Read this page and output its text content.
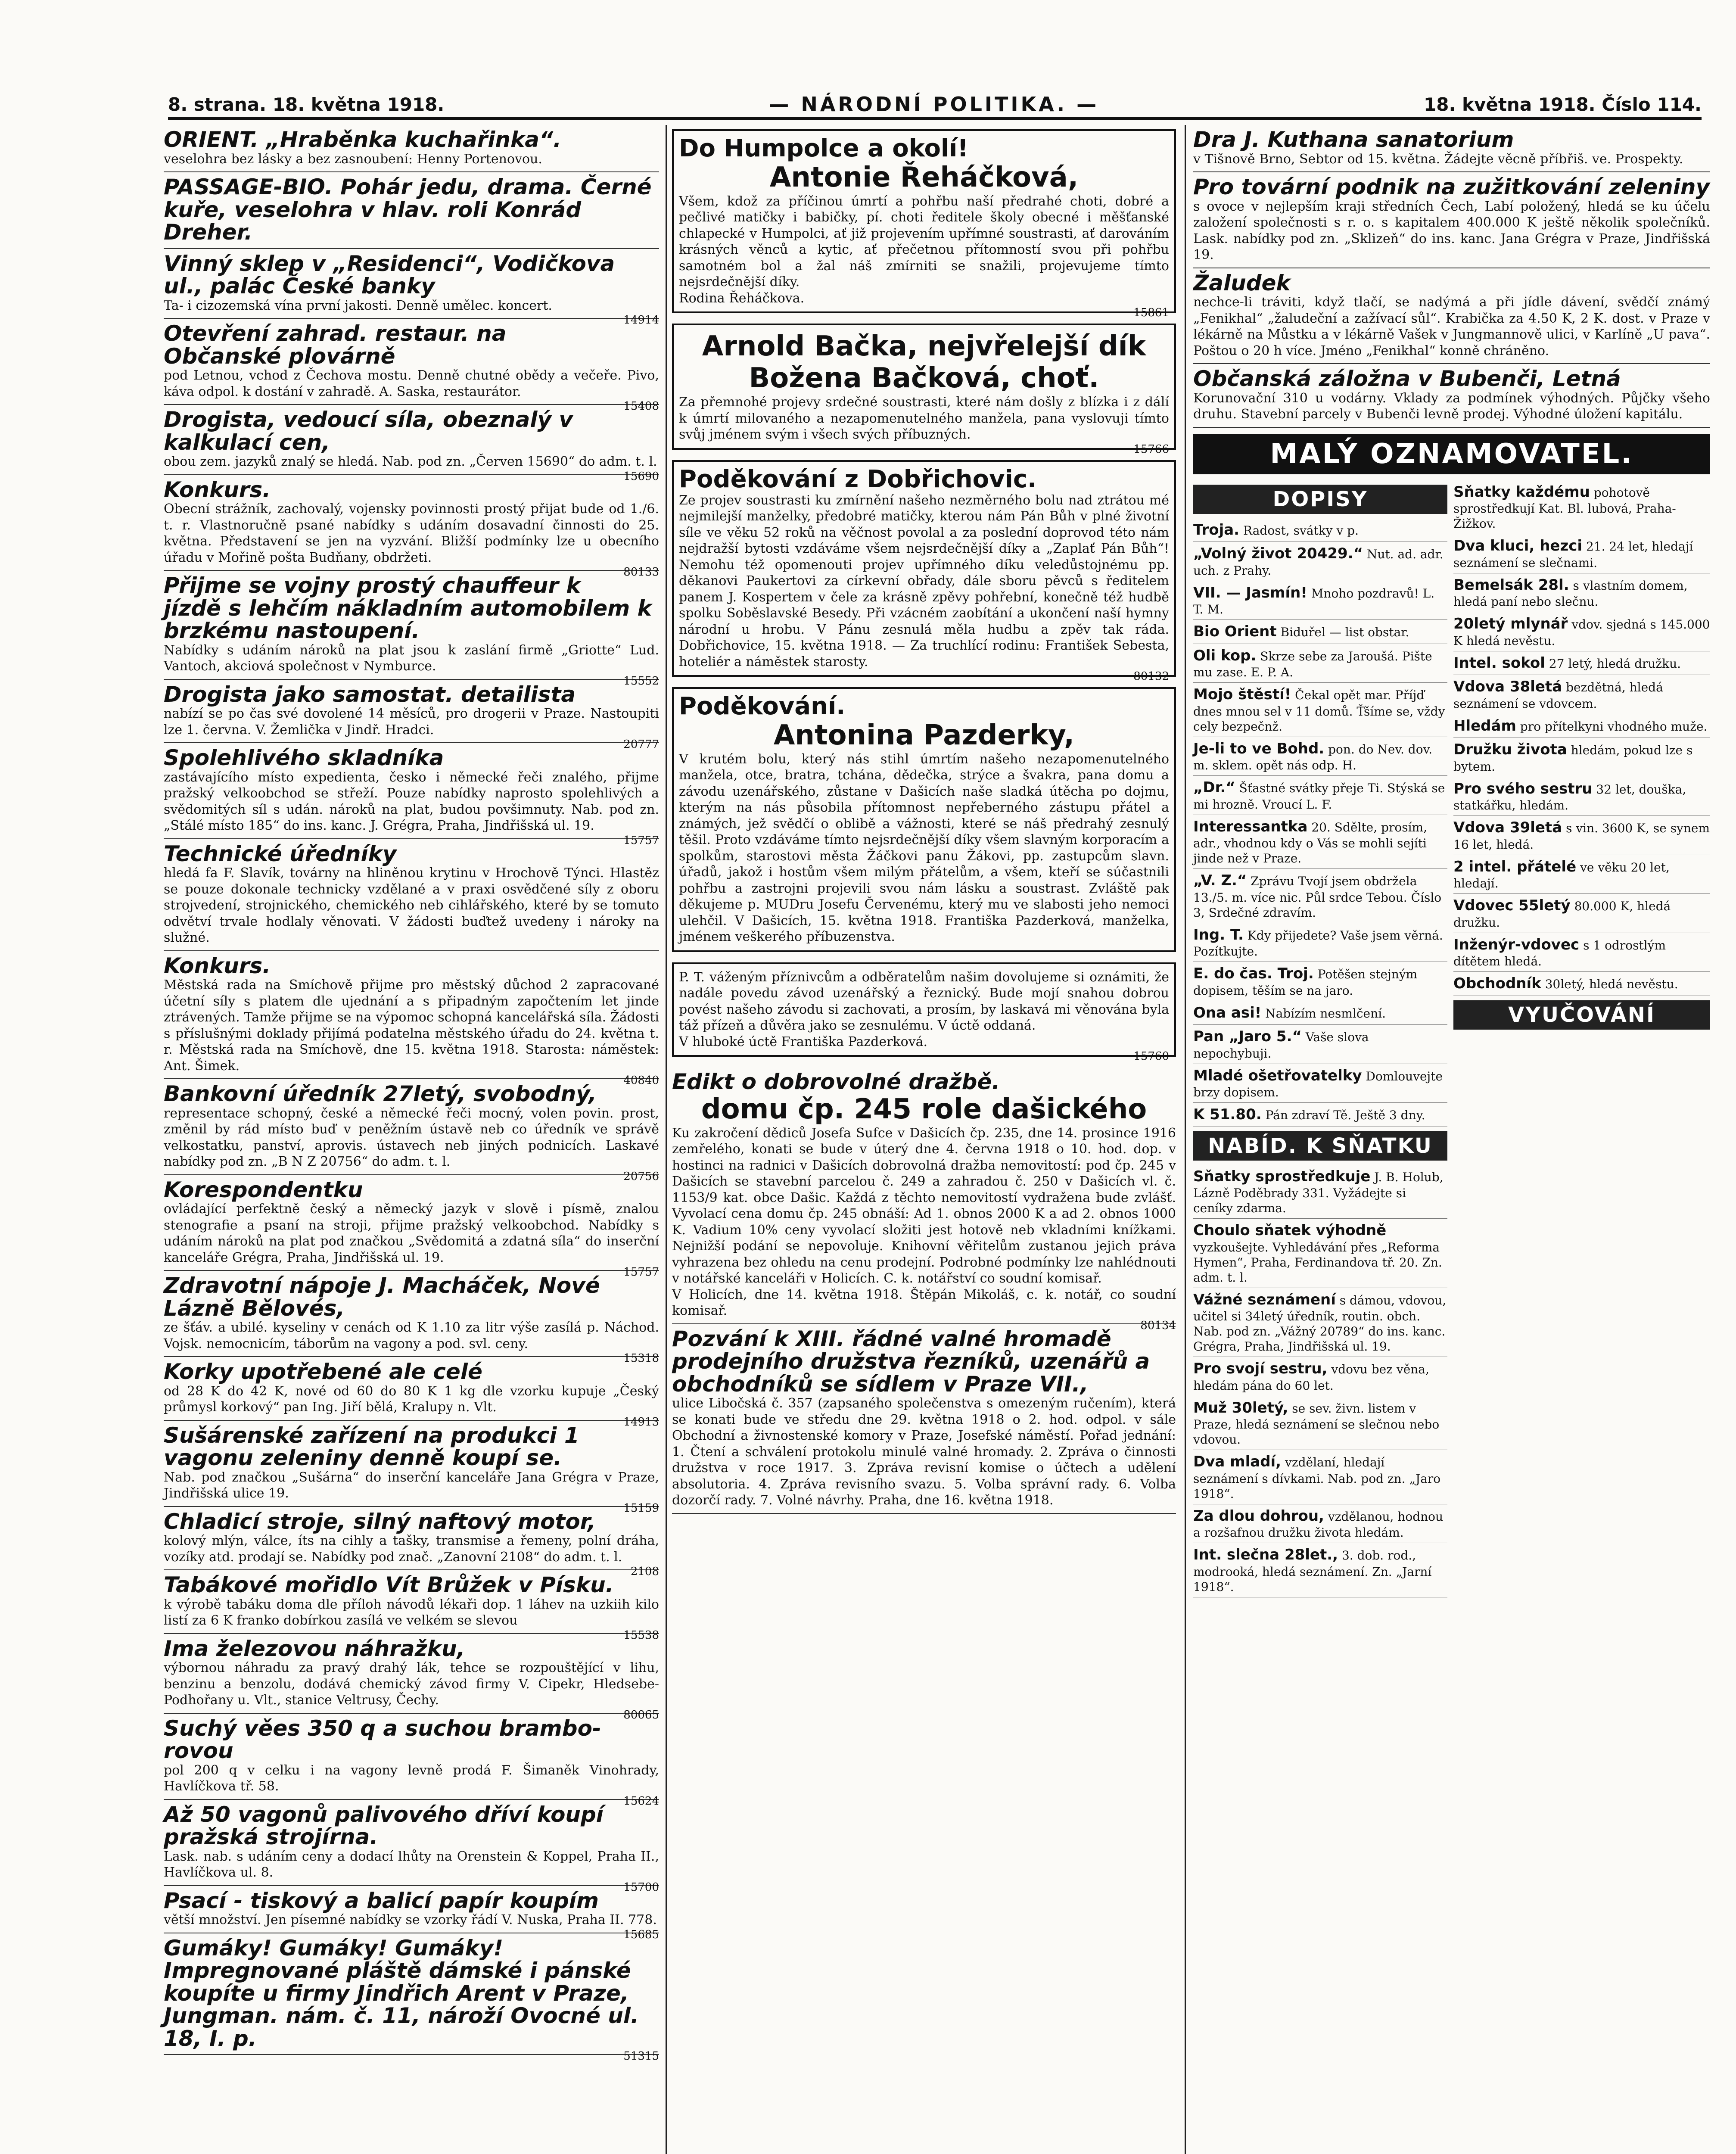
8. strana. 18. května 1918.	— NÁRODNÍ POLITIKA. —	18. května 1918. Číslo 114.
ORIENT. „Hraběnka kuchařinka“.
veselohra bez lásky a bez zasnoubení: Henny Portenovou.
PASSAGE-BIO. Pohár jedu, drama. Černé kuře, veselohra v hlav. roli Konrád Dreher.
Vinný sklep v „Residenci“, Vodičkova ul., palác České banky
Ta- i cizozemská vína první jakosti. Denně umělec. koncert.
14914
Otevření zahrad. restaur. na Občanské plovárně
pod Letnou, vchod z Čechova mostu. Denně chutné obědy a večeře. Pivo, káva odpol. k dostání v zahradě. A. Saska, restaurátor.
15408
Drogista, vedoucí síla, obeznalý v kalkulací cen,
obou zem. jazyků znalý se hledá. Nab. pod zn. „Červen 15690“ do adm. t. l.
15690
Konkurs.
Obecní strážník, zachovalý, vojensky povinnosti prostý přijat bude od 1./6. t. r. Vlastnoručně psané nabídky s udáním dosavadní činnosti do 25. května. Představení se jen na vyzvání. Bližší podmínky lze u obecního úřadu v Mořině pošta Budňany, obdržeti.
80133
Přijme se vojny prostý chauffeur k jízdě s lehčím nákladním automobilem k brzkému nastoupení.
Nabídky s udáním nároků na plat jsou k zaslání firmě „Griotte“ Lud. Vantoch, akciová společnost v Nymburce.
15552
Drogista jako samostat. detailista
nabízí se po čas své dovolené 14 měsíců, pro drogerii v Praze. Nastoupiti lze 1. června. V. Žemlička v Jindř. Hradci.
20777
Spolehlivého skladníka
zastávajícího místo expedienta, česko i německé řeči znalého, přijme pražský velkoobchod se střeží. Pouze nabídky naprosto spolehlivých a svědomitých síl s udán. nároků na plat, budou povšimnuty. Nab. pod zn. „Stálé místo 185“ do ins. kanc. J. Grégra, Praha, Jindřišská ul. 19.
15757
Technické úředníky
hledá fa F. Slavík, továrny na hliněnou krytinu v Hrochově Týnci. Hlastěz se pouze dokonale technicky vzdělané a v praxi osvědčené síly z oboru strojvedení, strojnického, chemického neb cihlářského, které by se tomuto odvětví trvale hodlaly věnovati. V žádosti buďtež uvedeny i nároky na služné.
Konkurs.
Městská rada na Smíchově přijme pro městský důchod 2 zapracované účetní síly s platem dle ujednání a s připadným započtením let jinde ztrávených. Tamže přijme se na výpomoc schopná kancelářská síla. Žádosti s příslušnými doklady přijímá podatelna městského úřadu do 24. května t. r. Městská rada na Smíchově, dne 15. května 1918. Starosta: náměstek: Ant. Šimek.
40840
Bankovní úředník 27letý, svobodný,
representace schopný, české a německé řeči mocný, volen povin. prost, změnil by rád místo buď v peněžním ústavě neb co úředník ve správě velkostatku, panství, aprovis. ústavech neb jiných podnicích. Laskavé nabídky pod zn. „B N Z 20756“ do adm. t. l.
20756
Korespondentku
ovládající perfektně český a německý jazyk v slově i písmě, znalou stenografie a psaní na stroji, přijme pražský velkoobchod. Nabídky s udáním nároků na plat pod značkou „Svědomitá a zdatná síla“ do inserční kanceláře Grégra, Praha, Jindřišská ul. 19.
15757
Zdravotní nápoje J. Macháček, Nové Lázně Bělovés,
ze šťáv. a ubilé. kyseliny v cenách od K 1.10 za litr výše zasílá p. Náchod. Vojsk. nemocnicím, táborům na vagony a pod. svl. ceny.
15318
Korky upotřebené ale celé
od 28 K do 42 K, nové od 60 do 80 K 1 kg dle vzorku kupuje „Český průmysl korkový“ pan Ing. Jiří bělá, Kralupy n. Vlt.
14913
Sušárenské zařízení na produkci 1 vagonu zeleniny denně koupí se.
Nab. pod značkou „Sušárna“ do inserční kanceláře Jana Grégra v Praze, Jindřišská ulice 19.
15159
Chladicí stroje, silný naftový motor,
kolový mlýn, válce, íts na cihly a tašky, transmise a řemeny, polní dráha, vozíky atd. prodají se. Nabídky pod znač. „Zanovní 2108“ do adm. t. l.
2108
Tabákové mořidlo Vít Brůžek v Písku.
k výrobě tabáku doma dle příloh návodů lékaři dop. 1 láhev na uzkiih kilo listí za 6 K franko dobírkou zasílá ve velkém se slevou
15538
Ima železovou náhražku,
výbornou náhradu za pravý drahý lák, tehce se rozpouštějící v lihu, benzinu a benzolu, dodává chemický závod firmy V. Cipekr, Hledsebe-Podhořany u. Vlt., stanice Veltrusy, Čechy.
80065
Suchý věes 350 q a suchou brambo-rovou
pol 200 q v celku i na vagony levně prodá F. Šimaněk Vinohrady, Havlíčkova tř. 58.
15624
Až 50 vagonů palivového dříví koupí pražská strojírna.
Lask. nab. s udáním ceny a dodací lhůty na Orenstein & Koppel, Praha II., Havlíčkova ul. 8.
15700
Psací - tiskový a balicí papír koupím
větší množství. Jen písemné nabídky se vzorky řádí V. Nuska, Praha II. 778.
15685
Gumáky! Gumáky! Gumáky! Impregnované pláště dámské i pánské koupíte u firmy Jindřich Arent v Praze, Jungman. nám. č. 11, nároží Ovocné ul. 18, I. p.
51315
Do Humpolce a okolí!
Antonie Řeháčková,
Všem, kdož za příčinou úmrtí a pohřbu naší předrahé choti, dobré a pečlivé matičky i babičky, pí. choti ředitele školy obecné i měšťanské chlapecké v Humpolci, ať již projevením upřímné soustrasti, ať darováním krásných věnců a kytic, ať přečetnou přítomností svou při pohřbu samotném bol a žal náš zmírniti se snažili, projevujeme tímto nejsrdečnější díky.
Rodina Řeháčkova.
15861
Arnold Bačka, nejvřelejší dík Božena Bačková, choť.
Za přemnohé projevy srdečné soustrasti, které nám došly z blízka i z dálí k úmrtí milovaného a nezapomenutelného manžela, pana vyslovuji tímto svůj jménem svým i všech svých příbuzných.
15766
Poděkování z Dobřichovic.
Ze projev soustrasti ku zmírnění našeho nezměrného bolu nad ztrátou mé nejmilejší manželky, předobré matičky, kterou nám Pán Bůh v plné životní síle ve věku 52 roků na věčnost povolal a za poslední doprovod této nám nejdražší bytosti vzdáváme všem nejsrdečnější díky a „Zaplať Pán Bůh“! Nemohu též opomenouti projev upřímného díku veledůstojnému pp. děkanovi Paukertovi za církevní obřady, dále sboru pěvců s ředitelem panem J. Kospertem v čele za krásně zpěvy pohřební, konečně též hudbě spolku Soběslavské Besedy. Při vzácném zaobítání a ukončení naší hymny národní u hrobu. V Pánu zesnulá měla hudbu a zpěv tak ráda. Dobřichovice, 15. května 1918. — Za truchlící rodinu: František Sebesta, hoteliér a náměstek starosty.
80132
Poděkování.
Antonina Pazderky,
V krutém bolu, který nás stihl úmrtím našeho nezapomenutelného manžela, otce, bratra, tchána, dědečka, strýce a švakra, pana domu a závodu uzenářského, zůstane v Dašicích naše sladká útěcha po dojmu, kterým na nás působila přítomnost nepřeberného zástupu přátel a známých, jež svědčí o oblibě a vážnosti, které se náš předrahý zesnulý těšil. Proto vzdáváme tímto nejsrdečnější díky všem slavným korporacím a spolkům, starostovi města Žáčkovi panu Žákovi, pp. zastupcům slavn. úřadů, jakož i hostům všem milým přátelům, a všem, kteří se súčastnili pohřbu a zastrojni projevili svou nám lásku a soustrast. Zvláště pak děkujeme p. MUDru Josefu Červenému, který mu ve slabosti jeho nemoci ulehčil. V Dašicích, 15. května 1918. Františka Pazderková, manželka, jménem veškerého příbuzenstva.
P. T. váženým příznivcům a odběratelům našim dovolujeme si oznámiti, že nadále povedu závod uzenářský a řeznický. Bude mojí snahou dobrou povést našeho závodu si zachovati, a prosím, by laskavá mi věnována byla táž přízeň a důvěra jako se zesnulému. V úctě oddaná.
V hluboké úctě Františka Pazderková.
15760
Edikt o dobrovolné dražbě.
domu čp. 245 role dašického
Ku zakročení dědiců Josefa Sufce v Dašicích čp. 235, dne 14. prosince 1916 zemřelého, konati se bude v úterý dne 4. června 1918 o 10. hod. dop. v hostinci na radnici v Dašicích dobrovolná dražba nemovitostí: pod čp. 245 v Dašicích se stavební parcelou č. 249 a zahradou č. 250 v Dašicích vl. č. 1153/9 kat. obce Dašic. Každá z těchto nemovitostí vydražena bude zvlášť. Vyvolací cena domu čp. 245 obnáší: Ad 1. obnos 2000 K a ad 2. obnos 1000 K. Vadium 10% ceny vyvolací složiti jest hotově neb vkladními knížkami. Nejnižší podání se nepovoluje. Knihovní věřitelům zustanou jejich práva vyhrazena bez ohledu na cenu prodejní. Podrobné podmínky lze nahlédnouti v notářské kanceláři v Holicích. C. k. notářství co soudní komisař.
V Holicích, dne 14. května 1918. Štěpán Mikoláš, c. k. notář, co soudní komisař.
80134
Pozvání k XIII. řádné valné hromadě prodejního družstva řezníků, uzenářů a obchodníků se sídlem v Praze VII.,
ulice Libočská č. 357 (zapsaného společenstva s omezeným ručením), která se konati bude ve středu dne 29. května 1918 o 2. hod. odpol. v sále Obchodní a živnostenské komory v Praze, Josefské náměstí. Pořad jednání: 1. Čtení a schválení protokolu minulé valné hromady. 2. Zpráva o činnosti družstva v roce 1917. 3. Zpráva revisní komise o účtech a udělení absolutoria. 4. Zpráva revisního svazu. 5. Volba správní rady. 6. Volba dozorčí rady. 7. Volné návrhy. Praha, dne 16. května 1918.
Dra J. Kuthana sanatorium
v Tišnově Brno, Sebtor od 15. května. Žádejte věcně příbřiš. ve. Prospekty.
Pro tovární podnik na zužitkování zeleniny
s ovoce v nejlepším kraji středních Čech, Labí položený, hledá se ku účelu založení společnosti s r. o. s kapitalem 400.000 K ještě několik společníků. Lask. nabídky pod zn. „Sklizeň“ do ins. kanc. Jana Grégra v Praze, Jindřišská 19.
Žaludek
nechce-li tráviti, když tlačí, se nadýmá a při jídle dávení, svědčí známý „Fenikhal“ „žaludeční a zažívací sůl“. Krabička za 4.50 K, 2 K. dost. v Praze v lékárně na Můstku a v lékárně Vašek v Jungmannově ulici, v Karlíně „U pava“. Poštou o 20 h více. Jméno „Fenikhal“ konně chráněno.
Občanská záložna v Bubenči, Letná
Korunovační 310 u vodárny. Vklady za podmínek výhodných. Půjčky všeho druhu. Stavební parcely v Bubenči levně prodej. Výhodné úložení kapitálu.
MALÝ OZNAMOVATEL.
DOPISY
Troja. Radost, svátky v p.
„Volný život 20429.“ Nut. ad. adr. uch. z Prahy.
VII. — Jasmín! Mnoho pozdravů! L. T. M.
Bio Orient Biduřel — list obstar.
Oli kop. Skrze sebe za Jaroušá. Pište mu zase. E. P. A.
Mojo štěstí! Čekal opět mar. Příjď dnes mnou sel v 11 domů. Ťšíme se, vždy cely bezpečnž.
Je-li to ve Bohd. pon. do Nev. dov. m. sklem. opět nás odp. H.
„Dr.“ Šťastné svátky přeje Ti. Stýská se mi hrozně. Vroucí L. F.
Interessantka 20. Sdělte, prosím, adr., vhodnou kdy o Vás se mohli sejíti jinde než v Praze.
„V. Z.“ Zprávu Tvojí jsem obdržela 13./5. m. více nic. Půl srdce Tebou. Číslo 3, Srdečné zdravím.
Ing. T. Kdy přijedete? Vaše jsem věrná. Pozítkujte.
E. do čas. Troj. Potěšen stejným dopisem, těším se na jaro.
Ona asi! Nabízím nesmlčení.
Pan „Jaro 5.“ Vaše slova nepochybuji.
Mladé ošetřovatelky Domlouvejte brzy dopisem.
K 51.80. Pán zdraví Tě. Ještě 3 dny.
NABÍD. K SŇATKU
Sňatky sprostředkuje J. B. Holub, Lázně Poděbrady 331. Vyžádejte si ceníky zdarma.
Choulo sňatek výhodně vyzkoušejte. Vyhledávání přes „Reforma Hymen“, Praha, Ferdinandova tř. 20. Zn. adm. t. l.
Vážné seznámení s dámou, vdovou, učitel si 34letý úředník, routin. obch. Nab. pod zn. „Vážný 20789“ do ins. kanc. Grégra, Praha, Jindřišská ul. 19.
Pro svojí sestru, vdovu bez věna, hledám pána do 60 let.
Muž 30letý, se sev. živn. listem v Praze, hledá seznámení se slečnou nebo vdovou.
Dva mladí, vzdělaní, hledají seznámení s dívkami. Nab. pod zn. „Jaro 1918“.
Za dlou dohrou, vzdělanou, hodnou a rozšafnou družku života hledám.
Int. slečna 28let., 3. dob. rod., modrooká, hledá seznámení. Zn. „Jarní 1918“.
Sňatky každému pohotově sprostředkují Kat. Bl. lubová, Praha-Žižkov.
Dva kluci, hezci 21. 24 let, hledají seznámení se slečnami.
Bemelsák 28l. s vlastním domem, hledá paní nebo slečnu.
20letý mlynář vdov. sjedná s 145.000 K hledá nevěstu.
Intel. sokol 27 letý, hledá družku.
Vdova 38letá bezdětná, hledá seznámení se vdovcem.
Hledám pro přítelkyni vhodného muže.
Družku života hledám, pokud lze s bytem.
Pro svého sestru 32 let, douška, statkářku, hledám.
Vdova 39letá s vin. 3600 K, se synem 16 let, hledá.
2 intel. přátelé ve věku 20 let, hledají.
Vdovec 55letý 80.000 K, hledá družku.
Inženýr-vdovec s 1 odrostlým dítětem hledá.
Obchodník 30letý, hledá nevěstu.
VYUČOVÁNÍ
